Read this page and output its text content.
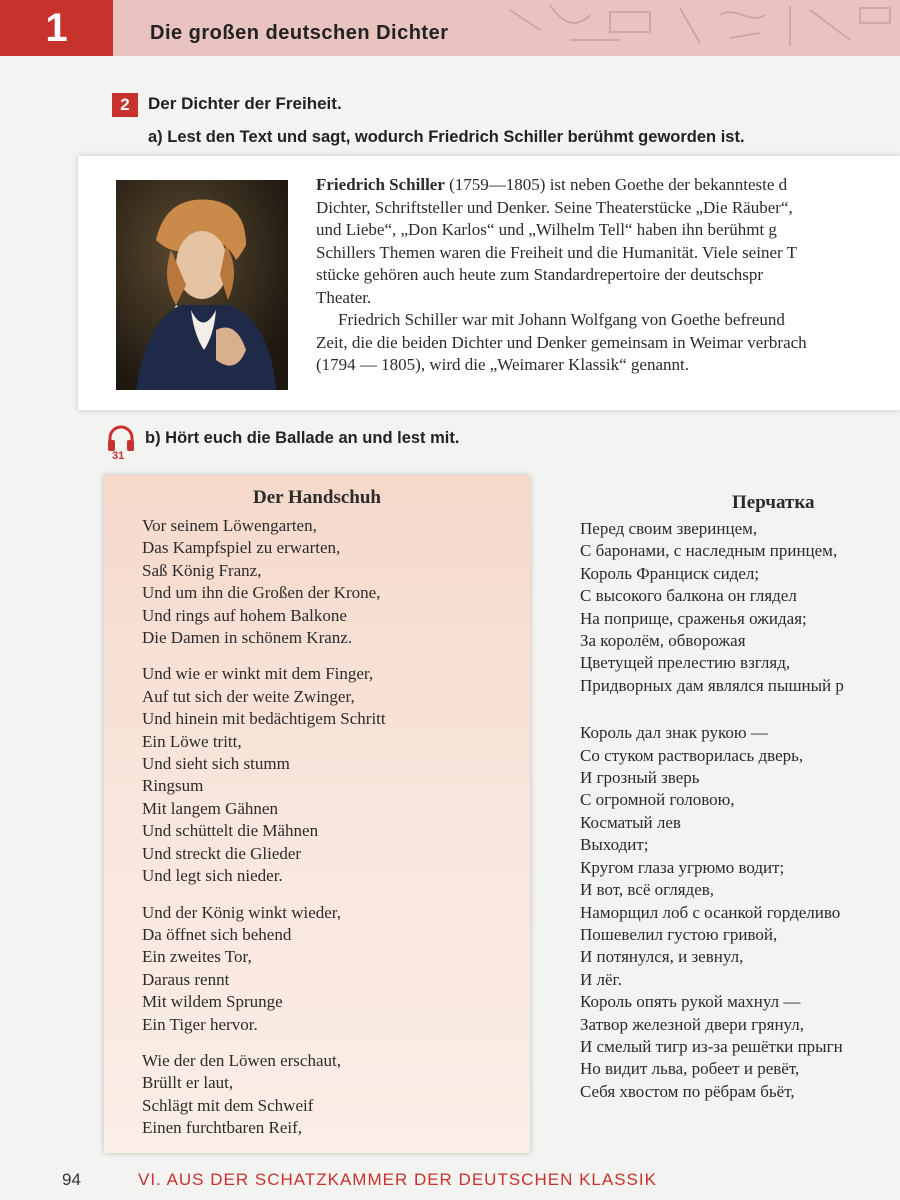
1	Die großen deutschen Dichter
2	Der Dichter der Freiheit.
a) Lest den Text und sagt, wodurch Friedrich Schiller berühmt geworden ist.

Friedrich Schiller (1759—1805) ist neben Goethe der bekannteste d

Dichter, Schriftsteller und Denker. Seine Theaterstücke „Die Räuber“,

und Liebe“, „Don Karlos“ und „Wilhelm Tell“ haben ihn berühmt g

Schillers Themen waren die Freiheit und die Humanität. Viele seiner T

stücke gehören auch heute zum Standardrepertoire der deutschspr

Theater.

Friedrich Schiller war mit Johann Wolfgang von Goethe befreund

Zeit, die die beiden Dichter und Denker gemeinsam in Weimar verbrach

(1794 — 1805), wird die „Weimarer Klassik“ genannt.

31
b) Hört euch die Ballade an und lest mit.
Der Handschuh
Vor seinem Löwengarten,
Das Kampfspiel zu erwarten,
Saß König Franz,
Und um ihn die Großen der Krone,
Und rings auf hohem Balkone
Die Damen in schönem Kranz.
Und wie er winkt mit dem Finger,
Auf tut sich der weite Zwinger,
Und hinein mit bedächtigem Schritt
Ein Löwe tritt,
Und sieht sich stumm
Ringsum
Mit langem Gähnen
Und schüttelt die Mähnen
Und streckt die Glieder
Und legt sich nieder.
Und der König winkt wieder,
Da öffnet sich behend
Ein zweites Tor,
Daraus rennt
Mit wildem Sprunge
Ein Tiger hervor.
Wie der den Löwen erschaut,
Brüllt er laut,
Schlägt mit dem Schweif
Einen furchtbaren Reif,
Перчатка
Перед своим зверинцем,
С баронами, с наследным принцем,
Король Франциск сидел;
С высокого балкона он глядел
На поприще, сраженья ожидая;
За королём, обворожая
Цветущей прелестию взгляд,
Придворных дам являлся пышный р
Король дал знак рукою —
Со стуком растворилась дверь,
И грозный зверь
С огромной головою,
Косматый лев
Выходит;
Кругом глаза угрюмо водит;
И вот, всё оглядев,
Наморщил лоб с осанкой горделиво
Пошевелил густою гривой,
И потянулся, и зевнул,
И лёг.
Король опять рукой махнул —
Затвор железной двери грянул,
И смелый тигр из-за решётки прыгн
Но видит льва, робеет и ревёт,
Себя хвостом по рёбрам бьёт,
94	VI. AUS DER SCHATZKAMMER DER DEUTSCHEN KLASSIK
